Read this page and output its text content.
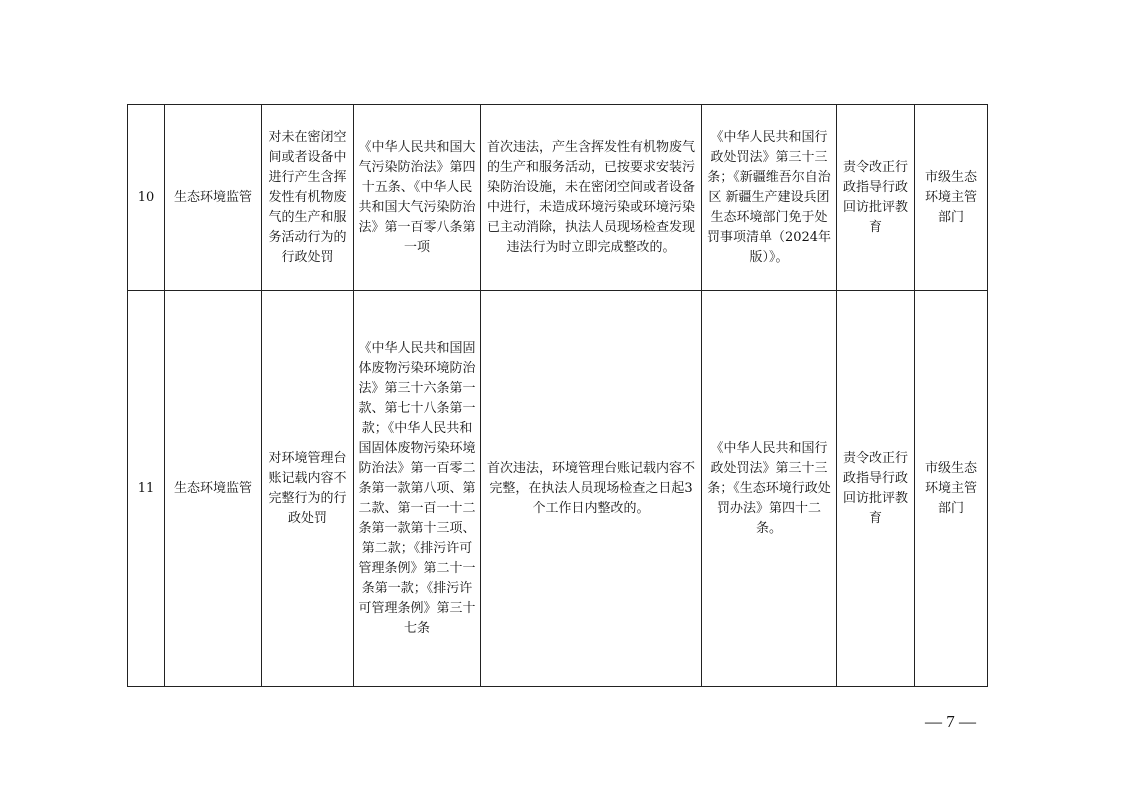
10	生态环境监管	对未在密闭空间或者设备中进行产生含挥发性有机物废气的生产和服务活动行为的行政处罚	《中华人民共和国大气污染防治法》第四十五条、《中华人民共和国大气污染防治法》第一百零八条第一项	首次违法，产生含挥发性有机物废气的生产和服务活动，已按要求安装污染防治设施，未在密闭空间或者设备中进行，未造成环境污染或环境污染已主动消除，执法人员现场检查发现违法行为时立即完成整改的。	《中华人民共和国行政处罚法》第三十三条；《新疆维吾尔自治区 新疆生产建设兵团生态环境部门免于处罚事项清单（2024年版）》。	责令改正行政指导行政回访批评教育	市级生态环境主管部门
11	生态环境监管	对环境管理台账记载内容不完整行为的行政处罚	《中华人民共和国固体废物污染环境防治法》第三十六条第一款、第七十八条第一款；《中华人民共和国固体废物污染环境防治法》第一百零二条第一款第八项、第二款、第一百一十二条第一款第十三项、第二款；《排污许可管理条例》第二十一条第一款；《排污许可管理条例》第三十七条	首次违法，环境管理台账记载内容不完整，在执法人员现场检查之日起3个工作日内整改的。	《中华人民共和国行政处罚法》第三十三条；《生态环境行政处罚办法》第四十二条。	责令改正行政指导行政回访批评教育	市级生态环境主管部门
— 7 —
